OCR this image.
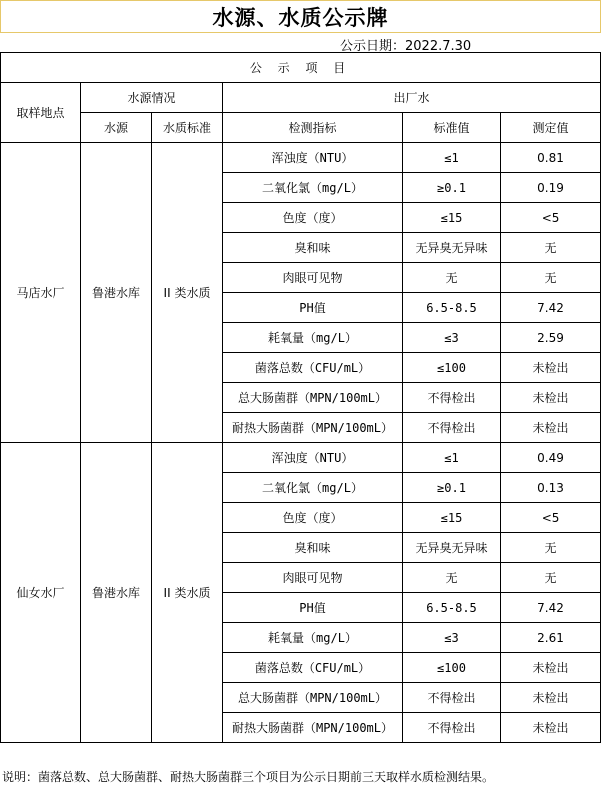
水源、水质公示牌
公示日期：2022.7.30
公 示 项 目					
取样地点	水源情况		出厂水		
	水源	水质标准	检测指标	标准值	测定值
马店水厂	鲁港水库	II 类水质	浑浊度（NTU）	≤1	0.81
			二氧化氯（mg/L）	≥0.1	0.19
			色度（度）	≤15	<5
			臭和味	无异臭无异味	无
			肉眼可见物	无	无
			PH值	6.5-8.5	7.42
			耗氧量（mg/L）	≤3	2.59
			菌落总数（CFU/mL）	≤100	未检出
			总大肠菌群（MPN/100mL）	不得检出	未检出
			耐热大肠菌群（MPN/100mL）	不得检出	未检出
仙女水厂	鲁港水库	II 类水质	浑浊度（NTU）	≤1	0.49
			二氧化氯（mg/L）	≥0.1	0.13
			色度（度）	≤15	<5
			臭和味	无异臭无异味	无
			肉眼可见物	无	无
			PH值	6.5-8.5	7.42
			耗氧量（mg/L）	≤3	2.61
			菌落总数（CFU/mL）	≤100	未检出
			总大肠菌群（MPN/100mL）	不得检出	未检出
			耐热大肠菌群（MPN/100mL）	不得检出	未检出
说明：菌落总数、总大肠菌群、耐热大肠菌群三个项目为公示日期前三天取样水质检测结果。
